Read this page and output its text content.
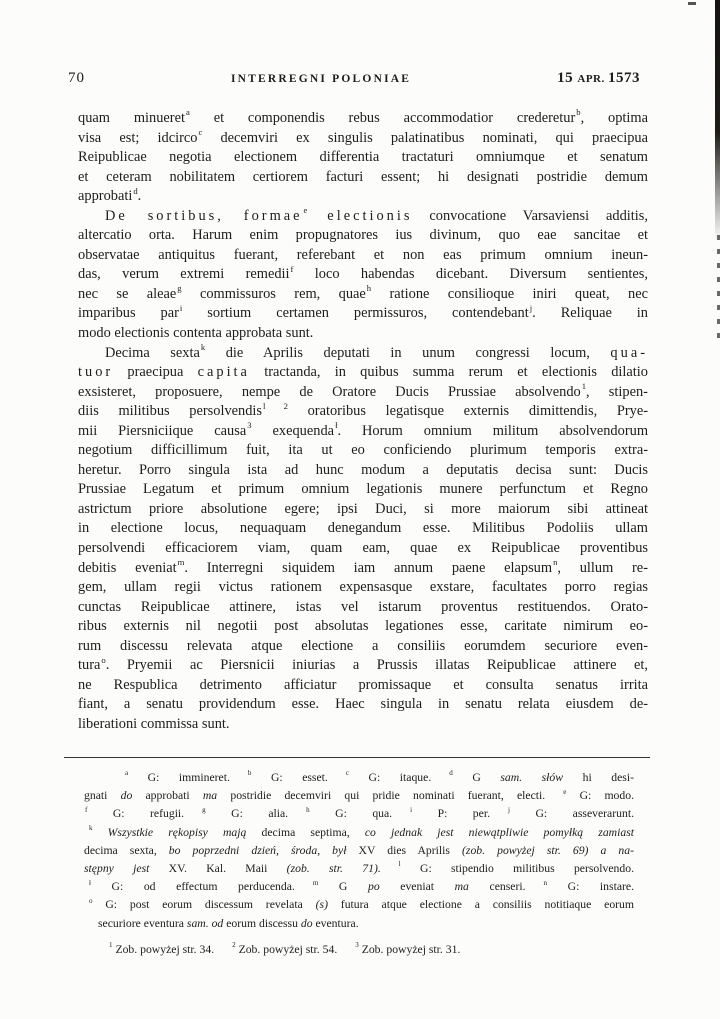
70	INTERREGNI POLONIAE	15 APR. 1573
quam minueret$^a$ et componendis rebus accommodatior crederetur$^b$, optima
visa est; idcirco$^c$ decemviri ex singulis palatinatibus nominati, qui praecipua
Reipublicae negotia electionem differentia tractaturi omniumque et senatum
et ceteram nobilitatem certiorem facturi essent; hi designati postridie demum
approbati$^d$.
De sortibus, formae$^e$ electionis convocatione Varsaviensi additis,
altercatio orta. Harum enim propugnatores ius divinum, quo eae sancitae et
observatae antiquitus fuerant, referebant et non eas primum omnium ineun-
das, verum extremi remedii$^f$ loco habendas dicebant. Diversum sentientes,
nec se aleae$^g$ commissuros rem, quae$^h$ ratione consilioque iniri queat, nec
imparibus par$^i$ sortium certamen permissuros, contendebant$^j$. Reliquae in
modo electionis contenta approbata sunt.
Decima sexta$^k$ die Aprilis deputati in unum congressi locum, qua-
tuor praecipua capita tractanda, in quibus summa rerum et electionis dilatio
exsisteret, proposuere, nempe de Oratore Ducis Prussiae absolvendo$^1$, stipen-
diis militibus persolvendis$^{l 2}$ oratoribus legatisque externis dimittendis, Prye-
mii Piersniciique causa$^3$ exequenda$^ł$. Horum omnium militum absolvendorum
negotium difficillimum fuit, ita ut eo conficiendo plurimum temporis extra-
heretur. Porro singula ista ad hunc modum a deputatis decisa sunt: Ducis
Prussiae Legatum et primum omnium legationis munere perfunctum et Regno
astrictum priore absolutione egere; ipsi Duci, si more maiorum sibi attineat
in electione locus, nequaquam denegandum esse. Militibus Podoliis ullam
persolvendi efficaciorem viam, quam eam, quae ex Reipublicae proventibus
debitis eveniat$^m$. Interregni siquidem iam annum paene elapsum$^n$, ullum re-
gem, ullam regii victus rationem expensasque exstare, facultates porro regias
cunctas Reipublicae attinere, istas vel istarum proventus restituendos. Orato-
ribus externis nil negotii post absolutas legationes esse, caritate nimirum eo-
rum discessu relevata atque electione a consiliis eorumdem securiore even-
tura$^o$. Pryemii ac Piersnicii iniurias a Prussis illatas Reipublicae attinere et,
ne Respublica detrimento afficiatur promissaque et consulta senatus irrita
fiant, a senatu providendum esse. Haec singula in senatu relata eiusdem de-
liberationi commissa sunt.
$^a$ G: immineret.	$^b$ G: esset.	$^c$ G: itaque.	$^d$ G sam. słów hi desi-
gnati do approbati ma postridie decemviri qui pridie nominati fuerant, electi.	$^e$ G: modo.
$^f$ G: refugii.	$^g$ G: alia.	$^h$ G: qua.	$^i$ P: per.	$^j$ G: asseverarunt.
$^k$ Wszystkie rękopisy mają decima septima, co jednak jest niewątpliwie pomyłką zamiast
decima sexta, bo poprzedni dzień, środa, był XV dies Aprilis (zob. powyżej str. 69) a na-
stępny jest XV. Kal. Maii (zob. str. 71).	$^l$ G: stipendio militibus persolvendo.
$^ł$ G: od effectum perducenda.	$^m$ G po eveniat ma censeri.	$^n$ G: instare.
$^o$ G: post eorum discessum revelata (s) futura atque electione a consiliis notitiaque eorum
securiore eventura sam. od eorum discessu do eventura.
$^1$ Zob. powyżej str. 34.	$^2$ Zob. powyżej str. 54.	$^3$ Zob. powyżej str. 31.
